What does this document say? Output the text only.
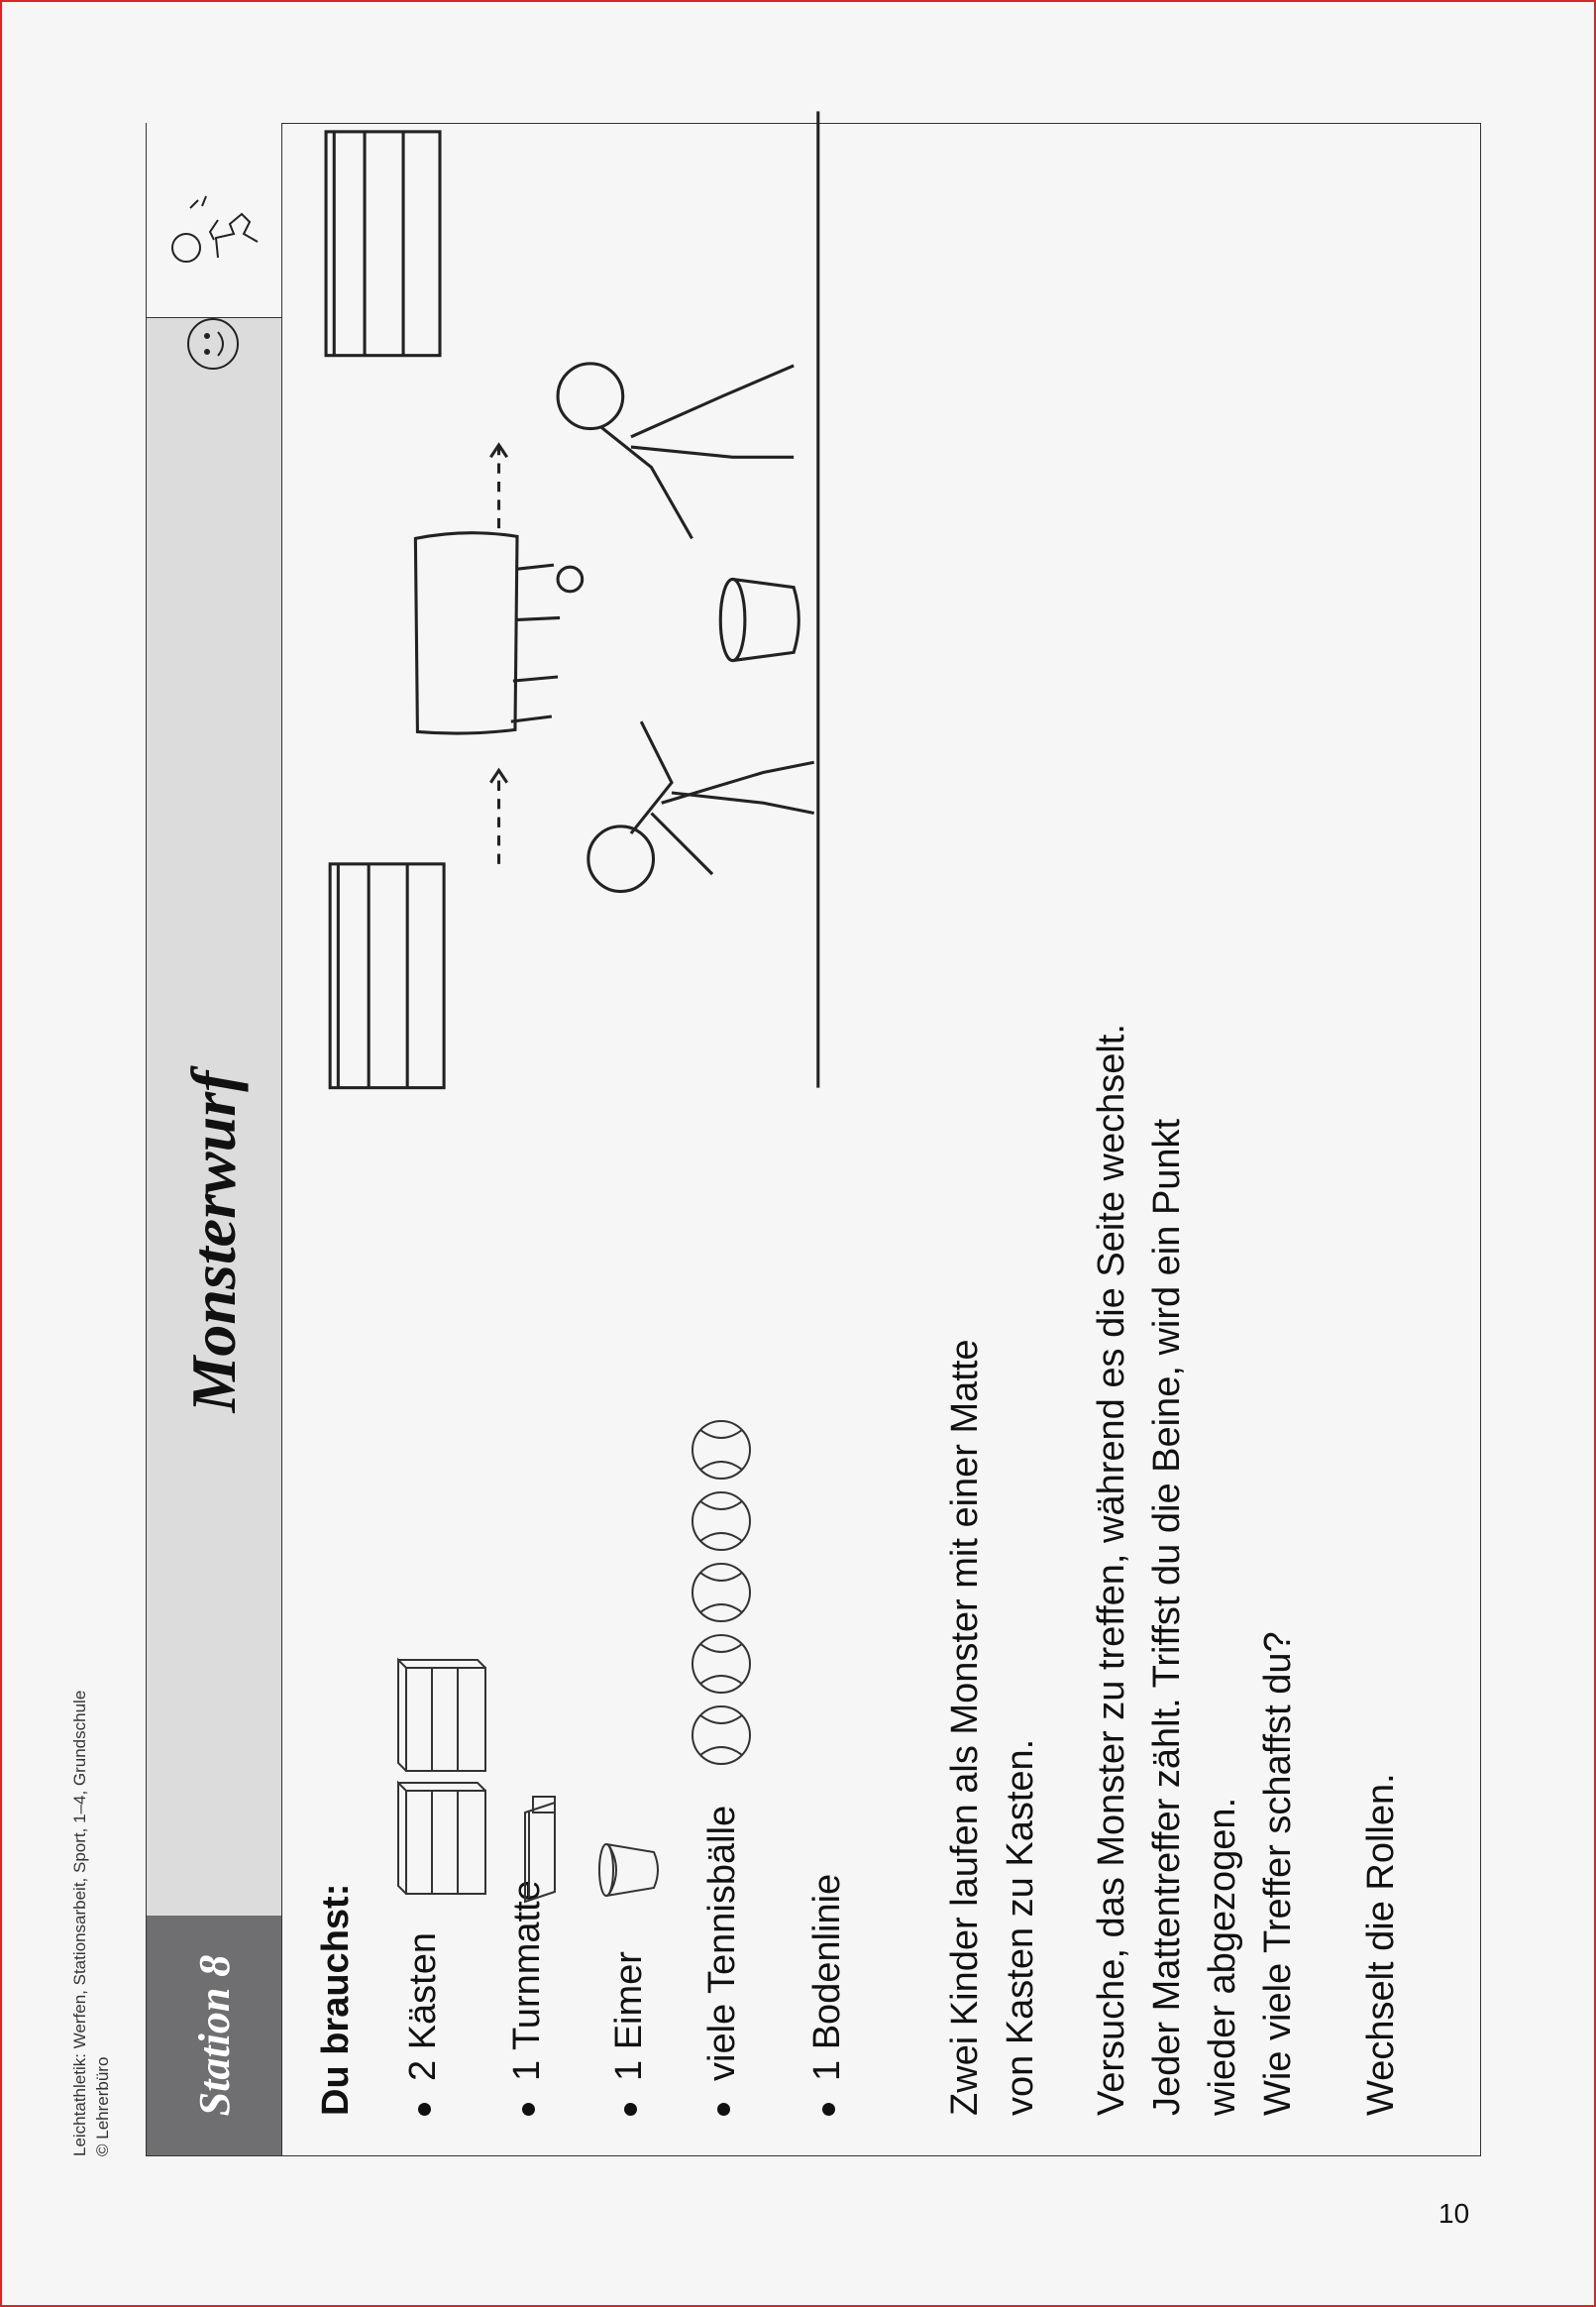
10
Leichtathletik: Werfen, Stationsarbeit, Sport, 1–4, Grundschule © Lehrerbüro	Station 8
Monsterwurf
Du brauchst: 2 Kästen 1 Turnmatte 1 Eimer viele Tennisbälle 1 Bodenlinie	Zwei Kinder laufen als Monster mit einer Matte von Kasten zu Kasten. Versuche, das Monster zu treffen, während es die Seite wechselt. Jeder Mattentreffer zählt. Triffst du die Beine, wird ein Punkt wieder abgezogen. Wie viele Treffer schaffst du? Wechselt die Rollen.
